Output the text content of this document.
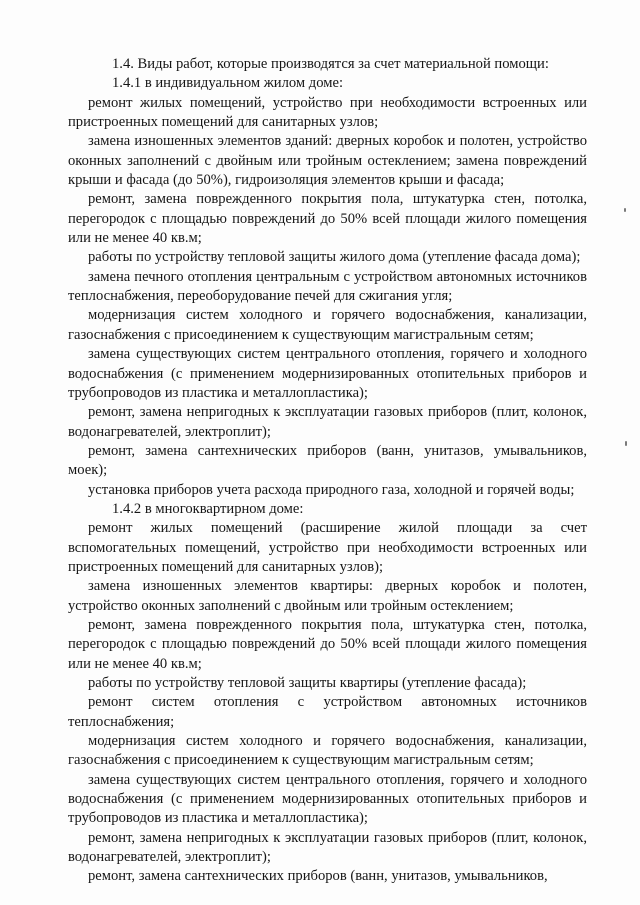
1.4. Виды работ, которые производятся за счет материальной помощи:

1.4.1 в индивидуальном жилом доме:

ремонт жилых помещений, устройство при необходимости встроенных или пристроенных помещений для санитарных узлов;

замена изношенных элементов зданий: дверных коробок и полотен, устройство оконных заполнений с двойным или тройным остеклением; замена повреждений крыши и фасада (до 50%), гидроизоляция элементов крыши и фасада;

ремонт, замена поврежденного покрытия пола, штукатурка стен, потолка, перегородок с площадью повреждений до 50% всей площади жилого помещения или не менее 40 кв.м;

работы по устройству тепловой защиты жилого дома (утепление фасада дома);

замена печного отопления центральным с устройством автономных источников теплоснабжения, переоборудование печей для сжигания угля;

модернизация систем холодного и горячего водоснабжения, канализации, газоснабжения с присоединением к существующим магистральным сетям;

замена существующих систем центрального отопления, горячего и холодного водоснабжения (с применением модернизированных отопительных приборов и трубопроводов из пластика и металлопластика);

ремонт, замена непригодных к эксплуатации газовых приборов (плит, колонок, водонагревателей, электроплит);

ремонт, замена сантехнических приборов (ванн, унитазов, умывальников, моек);

установка приборов учета расхода природного газа, холодной и горячей воды;

1.4.2 в многоквартирном доме:

ремонт жилых помещений (расширение жилой площади за счет вспомогательных помещений, устройство при необходимости встроенных или пристроенных помещений для санитарных узлов);

замена изношенных элементов квартиры: дверных коробок и полотен, устройство оконных заполнений с двойным или тройным остеклением;

ремонт, замена поврежденного покрытия пола, штукатурка стен, потолка, перегородок с площадью повреждений до 50% всей площади жилого помещения или не менее 40 кв.м;

работы по устройству тепловой защиты квартиры (утепление фасада);

ремонт систем отопления с устройством автономных источников теплоснабжения;

модернизация систем холодного и горячего водоснабжения, канализации, газоснабжения с присоединением к существующим магистральным сетям;

замена существующих систем центрального отопления, горячего и холодного водоснабжения (с применением модернизированных отопительных приборов и трубопроводов из пластика и металлопластика);

ремонт, замена непригодных к эксплуатации газовых приборов (плит, колонок, водонагревателей, электроплит);

ремонт, замена сантехнических приборов (ванн, унитазов, умывальников,
